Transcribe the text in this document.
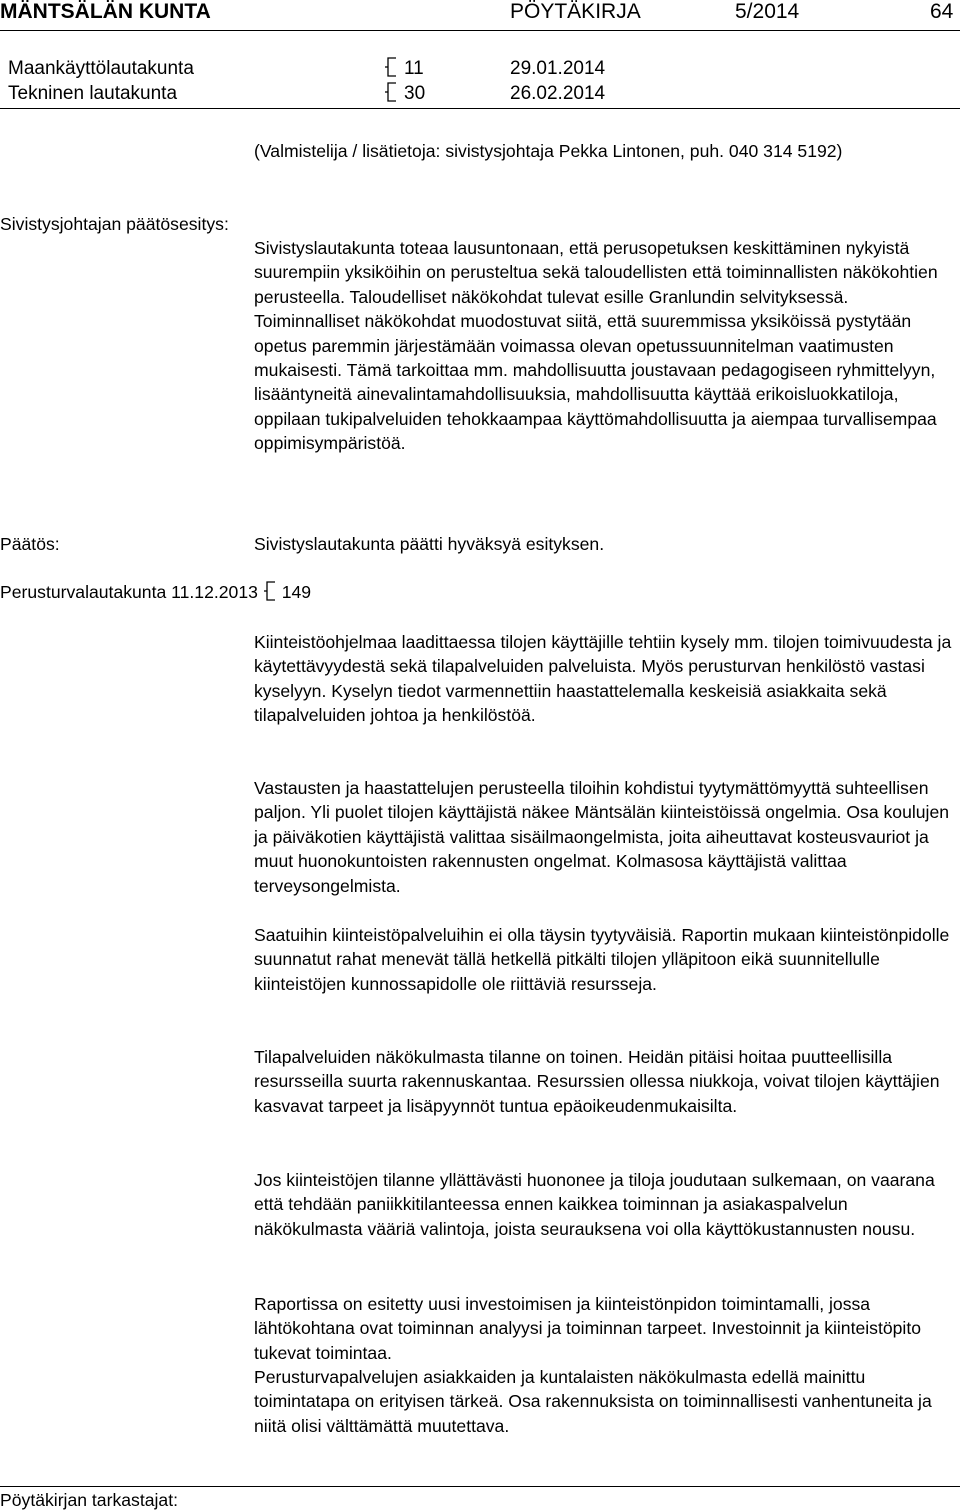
MÄNTSÄLÄN KUNTA	PÖYTÄKIRJA	5/2014	64
Maankäyttölautakunta	11	29.01.2014
Tekninen lautakunta	30	26.02.2014

(Valmistelija / lisätietoja: sivistysjohtaja Pekka Lintonen, puh. 040 314 5192)

Sivistysjohtajan päätösesitys:

Sivistyslautakunta toteaa lausuntonaan, että perusopetuksen keskittäminen nykyistä suurempiin yksiköihin on perusteltua sekä taloudellisten että toiminnallisten näkökohtien perusteella. Taloudelliset näkökohdat tulevat esille Granlundin selvityksessä. Toiminnalliset näkökohdat muodostuvat siitä, että suuremmissa yksiköissä pystytään opetus paremmin järjestämään voimassa olevan opetussuunnitelman vaatimusten mukaisesti. Tämä tarkoittaa mm. mahdollisuutta joustavaan pedagogiseen ryhmittelyyn, lisääntyneitä ainevalintamahdollisuuksia, mahdollisuutta käyttää erikoisluokkatiloja, oppilaan tukipalveluiden tehokkaampaa käyttömahdollisuutta ja aiempaa turvallisempaa oppimisympäristöä.

Päätös:	Sivistyslautakunta päätti hyväksyä esityksen.

Perusturvalautakunta 11.12.2013 149

Kiinteistöohjelmaa laadittaessa tilojen käyttäjille tehtiin kysely mm. tilojen toimivuudesta ja käytettävyydestä sekä tilapalveluiden palveluista. Myös perusturvan henkilöstö vastasi kyselyyn. Kyselyn tiedot varmennettiin haastattelemalla keskeisiä asiakkaita sekä tilapalveluiden johtoa ja henkilöstöä.

Vastausten ja haastattelujen perusteella tiloihin kohdistui tyytymättömyyttä suhteellisen paljon. Yli puolet tilojen käyttäjistä näkee Mäntsälän kiinteistöissä ongelmia. Osa koulujen ja päiväkotien käyttäjistä valittaa sisäilmaongelmista, joita aiheuttavat kosteusvauriot ja muut huonokuntoisten rakennusten ongelmat. Kolmasosa käyttäjistä valittaa terveysongelmista.

Saatuihin kiinteistöpalveluihin ei olla täysin tyytyväisiä. Raportin mukaan kiinteistönpidolle suunnatut rahat menevät tällä hetkellä pitkälti tilojen ylläpitoon eikä suunnitellulle kiinteistöjen kunnossapidolle ole riittäviä resursseja.

Tilapalveluiden näkökulmasta tilanne on toinen. Heidän pitäisi hoitaa puutteellisilla resursseilla suurta rakennuskantaa. Resurssien ollessa niukkoja, voivat tilojen käyttäjien kasvavat tarpeet ja lisäpyynnöt tuntua epäoikeudenmukaisilta.

Jos kiinteistöjen tilanne yllättävästi huononee ja tiloja joudutaan sulkemaan, on vaarana että tehdään paniikkitilanteessa ennen kaikkea toiminnan ja asiakaspalvelun näkökulmasta vääriä valintoja, joista seurauksena voi olla käyttökustannusten nousu.

Raportissa on esitetty uusi investoimisen ja kiinteistönpidon toimintamalli, jossa lähtökohtana ovat toiminnan analyysi ja toiminnan tarpeet. Investoinnit ja kiinteistöpito tukevat toimintaa.

Perusturvapalvelujen asiakkaiden ja kuntalaisten näkökulmasta edellä mainittu toimintatapa on erityisen tärkeä. Osa rakennuksista on toiminnallisesti vanhentuneita ja niitä olisi välttämättä muutettava.

Pöytäkirjan tarkastajat:
